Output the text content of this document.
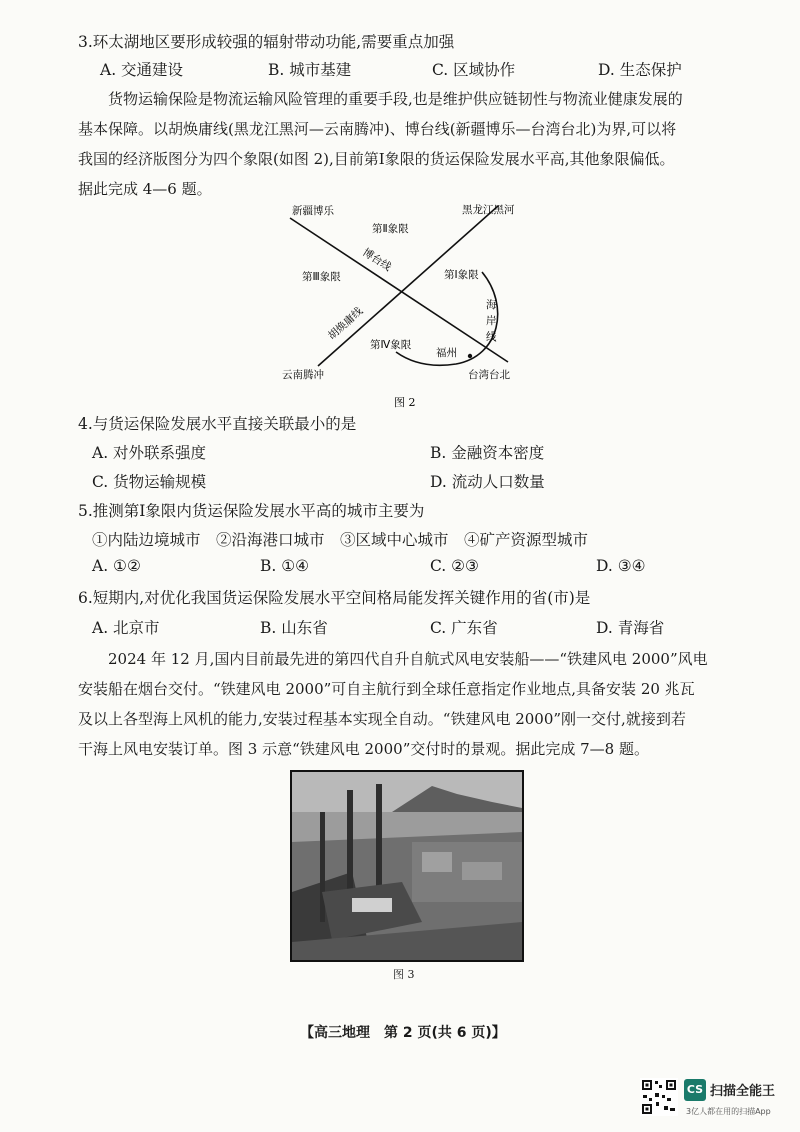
3.环太湖地区要形成较强的辐射带动功能,需要重点加强
A. 交通建设	B. 城市基建	C. 区域协作	D. 生态保护

货物运输保险是物流运输风险管理的重要手段,也是维护供应链韧性与物流业健康发展的

基本保障。以胡焕庸线(黑龙江黑河—云南腾冲)、博台线(新疆博乐—台湾台北)为界,可以将

我国的经济版图分为四个象限(如图 2),目前第Ⅰ象限的货运保险发展水平高,其他象限偏低。

据此完成 4—6 题。

新疆博乐	黑龙江黑河
第Ⅱ象限
博台线
第Ⅲ象限	第Ⅰ象限
海
岸
线
胡焕庸线
第Ⅳ象限
福州
云南腾冲	台湾台北
图 2
4.与货运保险发展水平直接关联最小的是
A. 对外联系强度	B. 金融资本密度
C. 货物运输规模	D. 流动人口数量
5.推测第Ⅰ象限内货运保险发展水平高的城市主要为
①内陆边境城市　②沿海港口城市　③区域中心城市　④矿产资源型城市
A. ①②	B. ①④	C. ②③	D. ③④
6.短期内,对优化我国货运保险发展水平空间格局能发挥关键作用的省(市)是
A. 北京市	B. 山东省	C. 广东省	D. 青海省

2024 年 12 月,国内目前最先进的第四代自升自航式风电安装船——“铁建风电 2000”风电

安装船在烟台交付。“铁建风电 2000”可自主航行到全球任意指定作业地点,具备安装 20 兆瓦

及以上各型海上风机的能力,安装过程基本实现全自动。“铁建风电 2000”刚一交付,就接到若

干海上风电安装订单。图 3 示意“铁建风电 2000”交付时的景观。据此完成 7—8 题。

图 3
【高三地理　第 2 页(共 6 页)】
CS 扫描全能王
3亿人都在用的扫描App
